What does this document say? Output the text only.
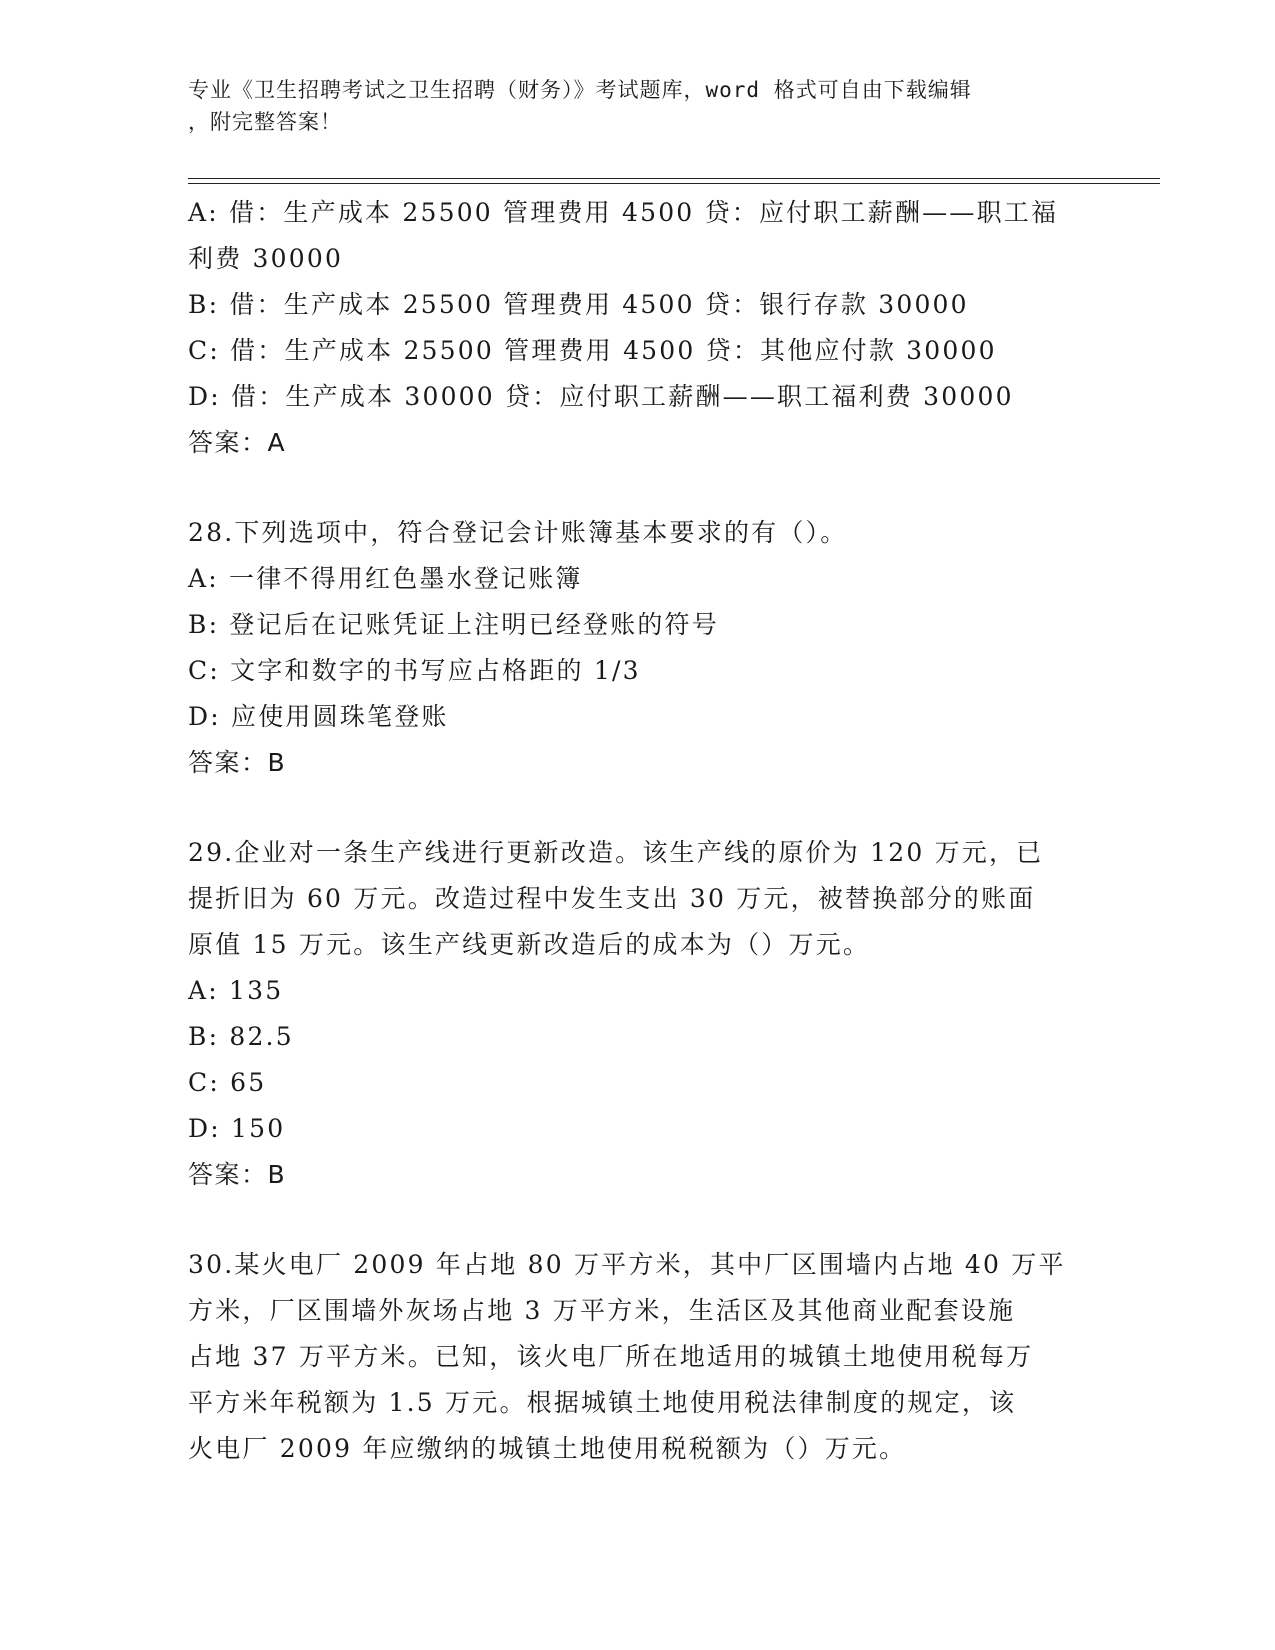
专业《卫生招聘考试之卫生招聘（财务）》考试题库，word 格式可自由下载编辑
，附完整答案！
A: 借：生产成本 25500 管理费用 4500 贷：应付职工薪酬——职工福
利费 30000
B: 借：生产成本 25500 管理费用 4500 贷：银行存款 30000
C: 借：生产成本 25500 管理费用 4500 贷：其他应付款 30000
D: 借：生产成本 30000 贷：应付职工薪酬——职工福利费 30000
答案：A
28.下列选项中，符合登记会计账簿基本要求的有（）。
A: 一律不得用红色墨水登记账簿
B: 登记后在记账凭证上注明已经登账的符号
C: 文字和数字的书写应占格距的 1/3
D: 应使用圆珠笔登账
答案：B
29.企业对一条生产线进行更新改造。该生产线的原价为 120 万元，已
提折旧为 60 万元。改造过程中发生支出 30 万元，被替换部分的账面
原值 15 万元。该生产线更新改造后的成本为（）万元。
A: 135
B: 82.5
C: 65
D: 150
答案：B
30.某火电厂 2009 年占地 80 万平方米，其中厂区围墙内占地 40 万平
方米，厂区围墙外灰场占地 3 万平方米，生活区及其他商业配套设施
占地 37 万平方米。已知，该火电厂所在地适用的城镇土地使用税每万
平方米年税额为 1.5 万元。根据城镇土地使用税法律制度的规定，该
火电厂 2009 年应缴纳的城镇土地使用税税额为（）万元。
